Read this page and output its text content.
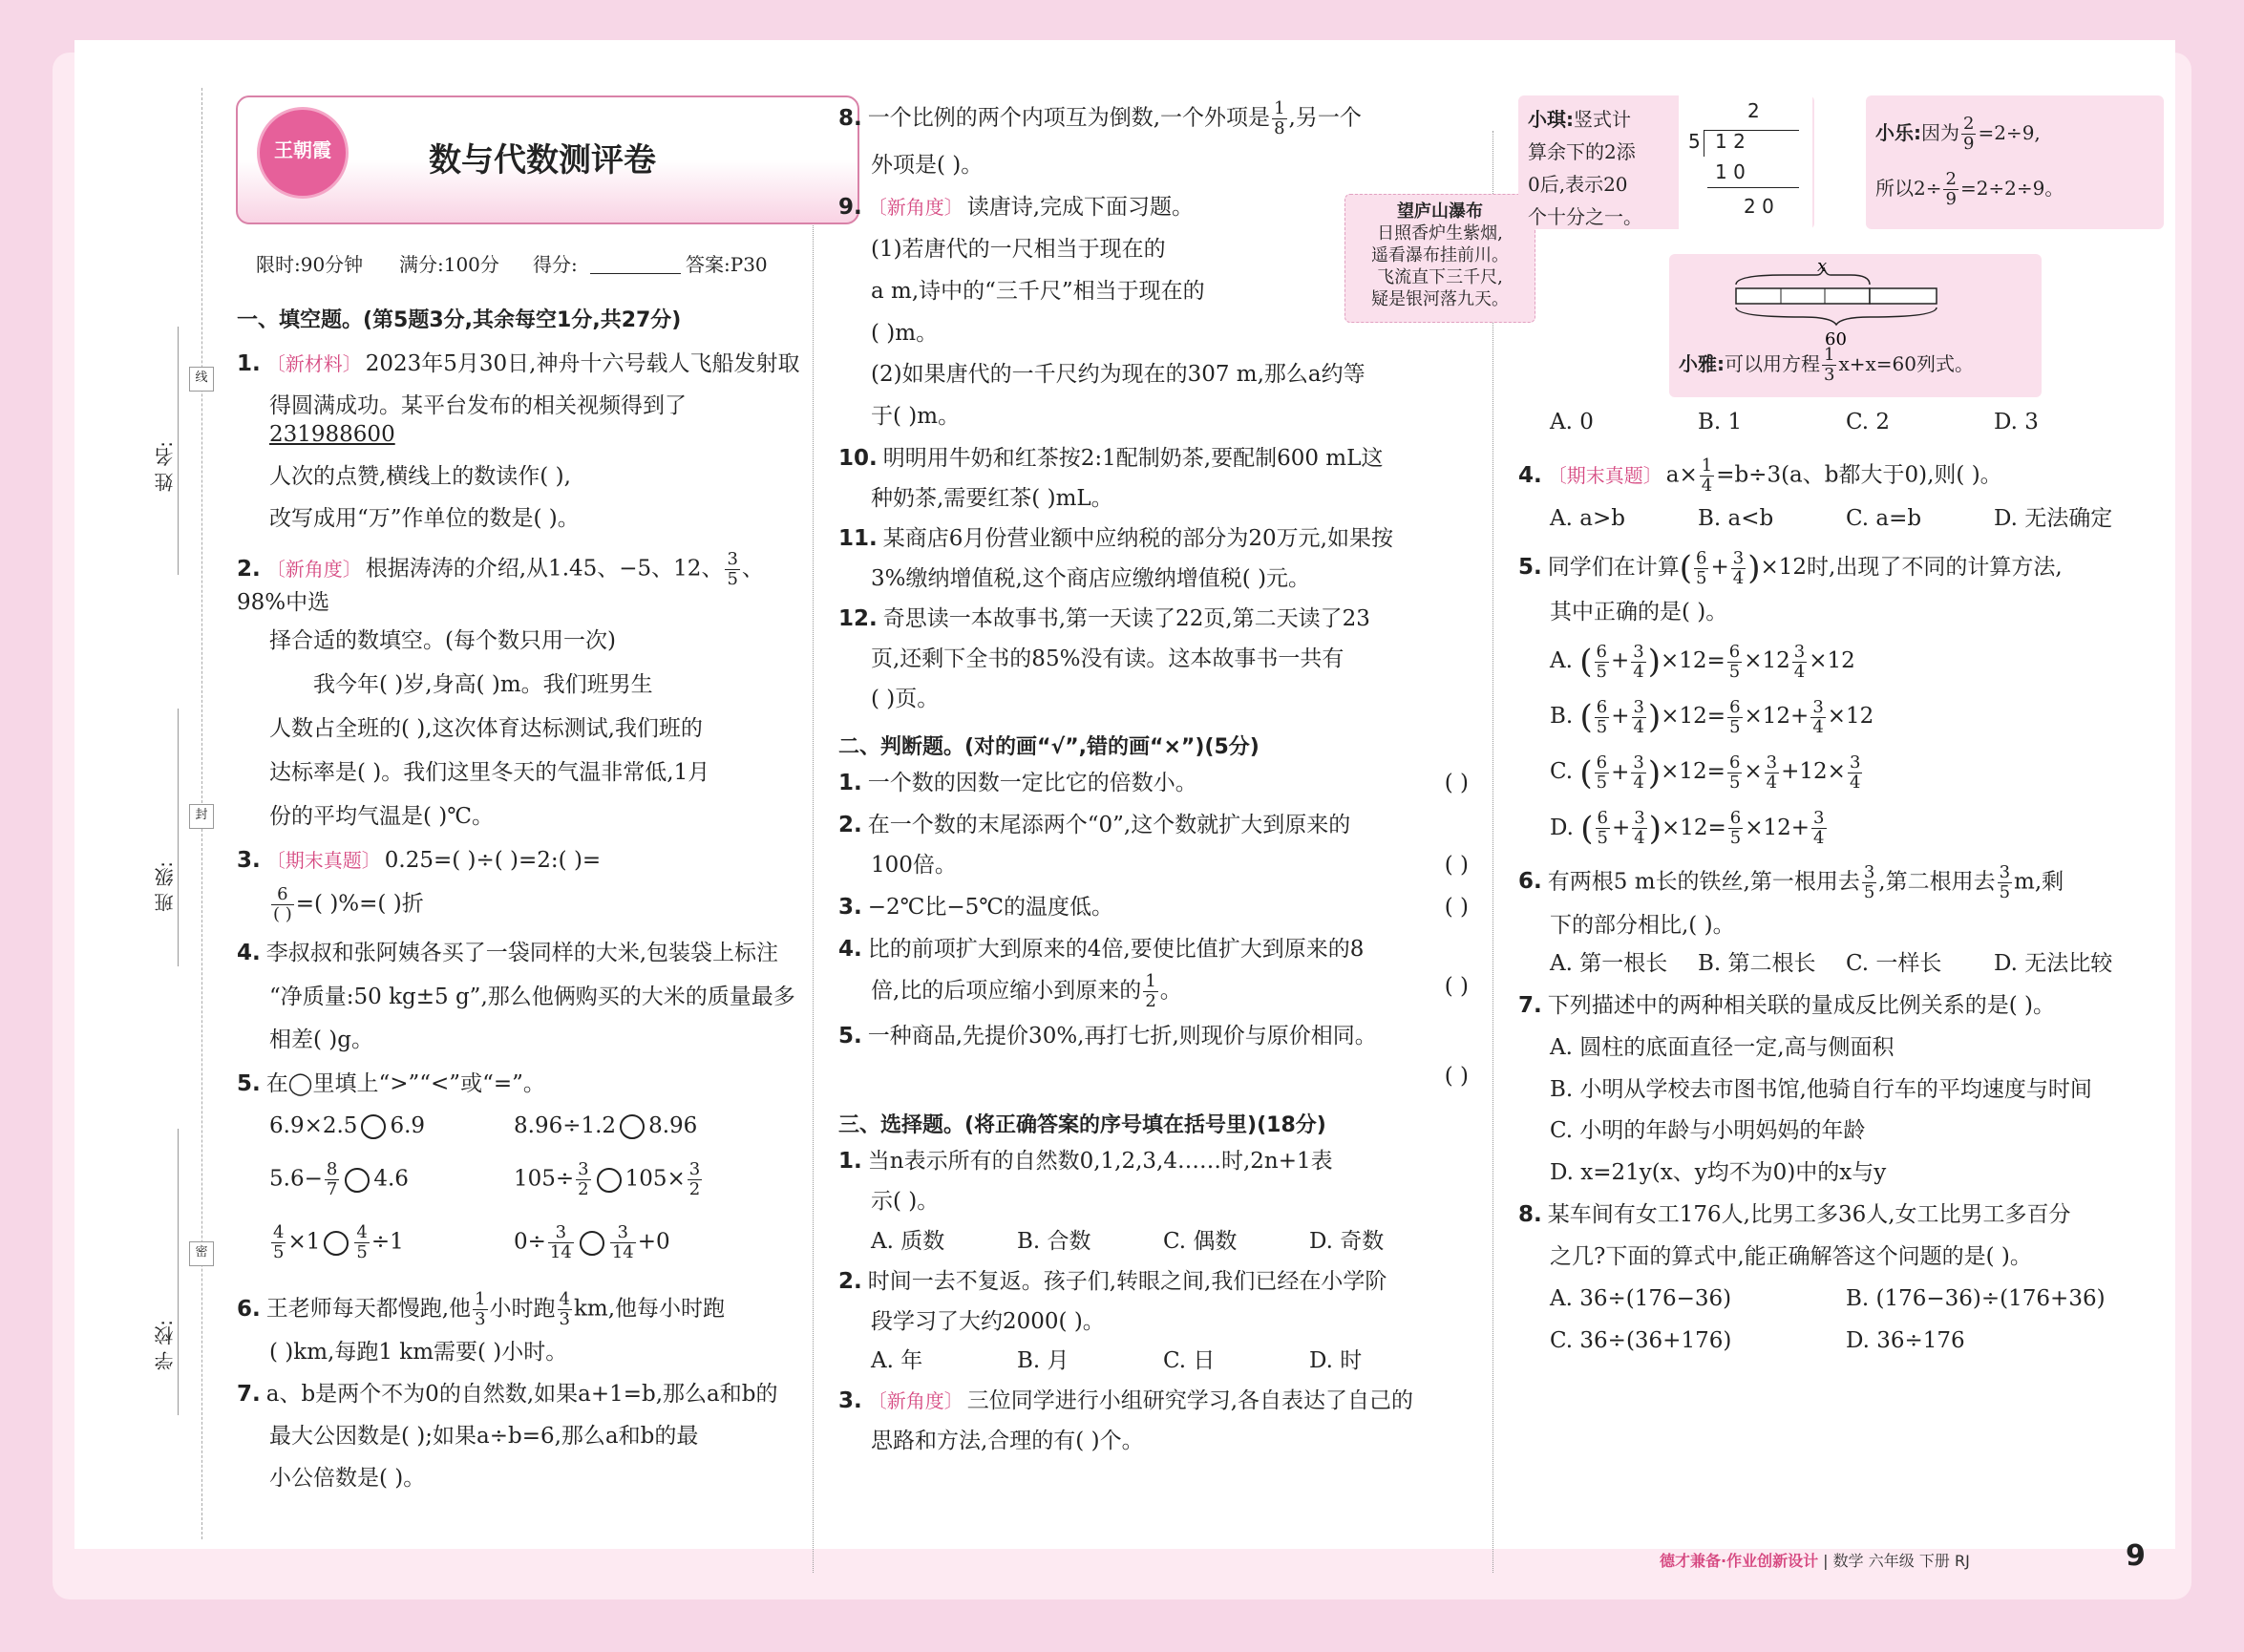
姓 名:
班 级:
学 校:
线
封
密
王朝霞	数与代数测评卷
限时:90分钟 满分:100分 得分:	答案:P30
一、填空题。(第5题3分,其余每空1分,共27分)
1. 〔新材料〕 2023年5月30日,神舟十六号载人飞船发射取
得圆满成功。某平台发布的相关视频得到了231988600
人次的点赞,横线上的数读作( ),
改写成用“万”作单位的数是( )。
2. 〔新角度〕 根据涛涛的介绍,从1.45、−5、12、 $\frac{3}{5}$ 、98%中选
择合适的数填空。(每个数只用一次)
我今年( )岁,身高( )m。我们班男生
人数占全班的( ),这次体育达标测试,我们班的
达标率是( )。我们这里冬天的气温非常低,1月
份的平均气温是( )℃。
3. 〔期末真题〕 0.25=( )÷( )=2:( )=
6
( ) =( )%=( )折
4. 李叔叔和张阿姨各买了一袋同样的大米,包装袋上标注
“净质量:50 kg±5 g”,那么他俩购买的大米的质量最多
相差( )g。
5. 在◯里填上“>”“<”或“=”。
6.9×2.5 6.9	8.96÷1.2 8.96
$5.6- \frac{8}{7} 4.6$	$105\div \frac{3}{2} 105\times \frac{3}{2}$
$\frac{4}{5} \times 1 \frac{4}{5} \div 1$	$0\div \frac{3}{14} \frac{3}{14} +0$
6. 王老师每天都慢跑,他 $\frac{1}{3}$ 小时跑 $\frac{4}{3}$ km,他每小时跑
( )km,每跑1 km需要( )小时。
7. a、b是两个不为0的自然数,如果a+1=b,那么a和b的
最大公因数是( );如果a÷b=6,那么a和b的最
小公倍数是( )。
8. 一个比例的两个内项互为倒数,一个外项是 $\frac{1}{8}$ ,另一个
外项是( )。
9. 〔新角度〕 读唐诗,完成下面习题。
(1)若唐代的一尺相当于现在的
a m,诗中的“三千尺”相当于现在的
( )m。
(2)如果唐代的一千尺约为现在的307 m,那么a约等
于( )m。
望庐山瀑布
日照香炉生紫烟,
遥看瀑布挂前川。
飞流直下三千尺,
疑是银河落九天。
10. 明明用牛奶和红茶按2:1配制奶茶,要配制600 mL这
种奶茶,需要红茶( )mL。
11. 某商店6月份营业额中应纳税的部分为20万元,如果按
3%缴纳增值税,这个商店应缴纳增值税( )元。
12. 奇思读一本故事书,第一天读了22页,第二天读了23
页,还剩下全书的85%没有读。这本故事书一共有
( )页。
二、判断题。(对的画“√”,错的画“×”)(5分)
1. 一个数的因数一定比它的倍数小。	( )
2. 在一个数的末尾添两个“0”,这个数就扩大到原来的
100倍。	( )
3. −2℃比−5℃的温度低。	( )
4. 比的前项扩大到原来的4倍,要使比值扩大到原来的8
倍,比的后项应缩小到原来的 $\frac{1}{2}$ 。	( )
5. 一种商品,先提价30%,再打七折,则现价与原价相同。
( )
三、选择题。(将正确答案的序号填在括号里)(18分)
1. 当n表示所有的自然数0,1,2,3,4……时,2n+1表
示( )。
A. 质数	B. 合数	C. 偶数	D. 奇数
2. 时间一去不复返。孩子们,转眼之间,我们已经在小学阶
段学习了大约2000( )。
A. 年	B. 月	C. 日	D. 时
3. 〔新角度〕 三位同学进行小组研究学习,各自表达了自己的
思路和方法,合理的有( )个。
小琪:竖式计
算余下的2添
0后,表示20
个十分之一。
2
5 1 2
1 0
2 0
小乐:因为 $\frac{2}{9} =2\div 9$,
所以$2\div \frac{2}{9} =2\div 2\div 9$。
x
60
小雅:可以用方程 $\frac{1}{3} x+x=60$列式。
A. 0	B. 1	C. 2	D. 3
4. 〔期末真题〕 $a\times \frac{1}{4} =b\div 3(a$、b都大于0),则( )。
A. a>b	B. a<b	C. a=b	D. 无法确定
5. 同学们在计算( $\frac{6}{5} + \frac{3}{4} )\times 12$时,出现了不同的计算方法,
其中正确的是( )。
A. ( $\frac{6}{5} + \frac{3}{4} )\times 12= \frac{6}{5} \times 12 \frac{3}{4} \times 12$
B. ( $\frac{6}{5} + \frac{3}{4} )\times 12= \frac{6}{5} \times 12+ \frac{3}{4} \times 12$
C. ( $\frac{6}{5} + \frac{3}{4} )\times 12= \frac{6}{5} \times \frac{3}{4} +12\times \frac{3}{4}$
D. ( $\frac{6}{5} + \frac{3}{4} )\times 12= \frac{6}{5} \times 12+ \frac{3}{4}$
6. 有两根5 m长的铁丝,第一根用去 $\frac{3}{5}$ ,第二根用去 $\frac{3}{5} m$,剩
下的部分相比,( )。
A. 第一根长 B. 第二根长 C. 一样长 D. 无法比较
7. 下列描述中的两种相关联的量成反比例关系的是( )。
A. 圆柱的底面直径一定,高与侧面积
B. 小明从学校去市图书馆,他骑自行车的平均速度与时间
C. 小明的年龄与小明妈妈的年龄
D. x=21y(x、y均不为0)中的x与y
8. 某车间有女工176人,比男工多36人,女工比男工多百分
之几?下面的算式中,能正确解答这个问题的是( )。
A. 36÷(176−36)	B. (176−36)÷(176+36)
C. 36÷(36+176)	D. 36÷176
德才兼备·作业创新设计 | 数学 六年级 下册 RJ	9
